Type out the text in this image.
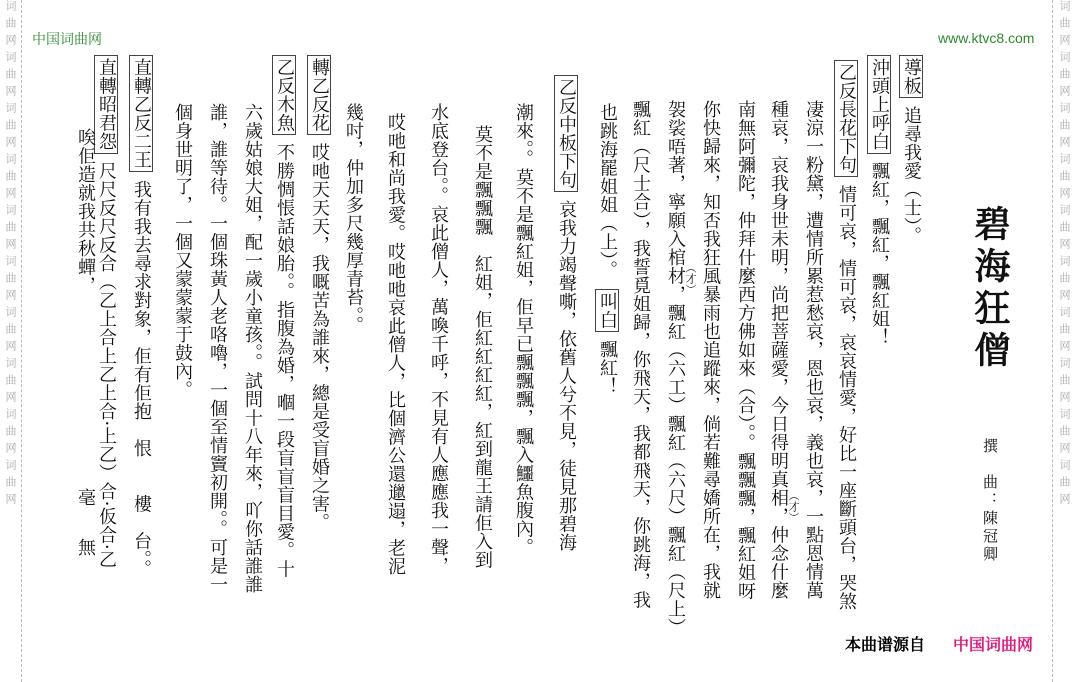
词曲网词曲网词曲网词曲网词曲网词曲网词曲网词曲网词曲网词曲网	词曲网词曲网词曲网词曲网词曲网词曲网词曲网词曲网词曲网词曲网
中国词曲网	www.ktvc8.com
碧海狂僧
撰　曲：陳冠卿
導板追尋我愛（士）。
沖頭上呼白飄紅，飄紅，飄紅姐！
乙反長花下句情可哀，情可哀，哀哀情愛，好比一座斷頭台，哭煞
凄涼一粉黛，遭情所累惹愁哀，恩也哀，義也哀，一點恩情萬
種哀，哀我身世未明，尚把菩薩愛，今日得明真相，仲念什麼
南無阿彌陀，仲拜什麼西方佛如來（合）。。飄飄飄，飄紅姐呀
你快歸來，知否我狂風暴雨也追蹤來，倘若難尋嬌所在，我就
袈裟唔著，寧願入棺材，飄紅（六工）飄紅（六尺）飄紅（尺上）
飄紅（尺士合），我誓覓姐歸，你飛天，我都飛天，你跳海，我
也跳海罷姐姐（上）。叫白飄紅！
乙反中板下句哀我力竭聲嘶，依舊人兮不見，徒見那碧海
潮來。。莫不是飄紅姐，佢早已飄飄飄，飄入鱷魚腹內。
莫不是飄飄飄　紅姐，佢紅紅紅紅，紅到龍王請佢入到
水底登台。。哀此僧人，萬喚千呼，不見有人應應我一聲，
哎吔和尚我愛。哎吔吔哀此僧人，比個濟公還邋遢，老泥
幾吋，仲加多尺幾厚青苔。。
轉乙反花哎吔天天天，我嘅苦為誰來，總是受盲婚之害。
乙反木魚不勝惆悵話娘胎。。指腹為婚，嗰一段盲盲盲目愛。十
六歲姑娘大姐，配一歲小童孩。。試問十八年來，吖你話誰誰
誰，誰等待。一個珠黃人老咯嚕，一個至情竇初開。。可是一
個身世明了，一個又蒙蒙蒙于鼓內。
直轉乙反二王我有我去尋求對象，佢有佢抱　恨　　樓　台。。
直轉昭君怨尺尺反尺反合（乙上合上乙上合·上乙）合·仮合·乙
唉佢造就我共秋蟬，
毫
無
（才）
（才）
本曲谱源自 中国词曲网
